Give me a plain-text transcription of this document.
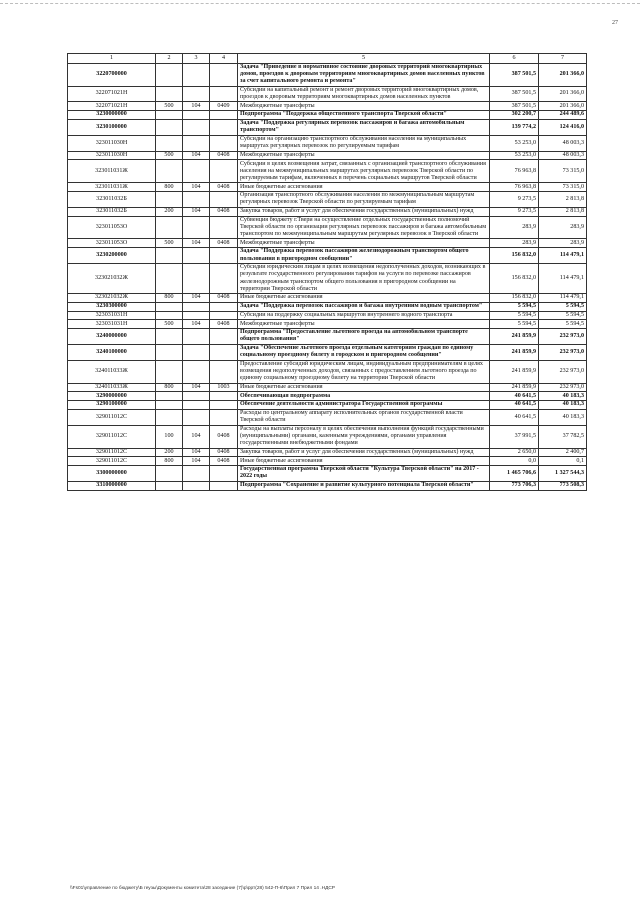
27
1	2	3	4	5	6	7
3220700000				Задача "Приведение в нормативное состояние дворовых территорий многоквартирных домов, проездов к дворовым территориям многоквартирных домов населенных пунктов за счет капитального ремонта и ремонта"	387 501,5	201 366,0
322071021Н				Субсидии на капитальный ремонт и ремонт дворовых территорий многоквартирных домов, проездов к дворовым территориям многоквартирных домов населенных пунктов	387 501,5	201 366,0
322071021Н	500	104	0409	Межбюджетные трансферты	387 501,5	201 366,0
3230000000				Подпрограмма "Поддержка общественного транспорта Тверской области"	302 200,7	244 489,6
3230100000				Задача "Поддержка регулярных перевозок пассажиров и багажа автомобильным транспортом"	139 774,2	124 416,0
323011030Н				Субсидии на организацию транспортного обслуживания населения на муниципальных маршрутах регулярных перевозок по регулируемым тарифам	53 253,0	48 003,3
323011030Н	500	104	0408	Межбюджетные трансферты	53 253,0	48 003,3
323011031Ж				Субсидии в целях возмещения затрат, связанных с организацией транспортного обслуживания населения на межмуниципальных маршрутах регулярных перевозок Тверской области по регулируемым тарифам, включенных в перечень социальных маршрутов Тверской области	76 963,8	73 315,0
323011031Ж	800	104	0408	Иные бюджетные ассигнования	76 963,8	73 315,0
323011032Б				Организация транспортного обслуживания населения по межмуниципальным маршрутам регулярных перевозок Тверской области по регулируемым тарифам	9 273,5	2 813,8
323011032Б	200	104	0408	Закупка товаров, работ и услуг для обеспечения государственных (муниципальных) нужд	9 273,5	2 813,8
323011053О				Субвенция бюджету г.Твери на осуществление отдельных государственных полномочий Тверской области по организации регулярных перевозок пассажиров и багажа автомобильным транспортом по межмуниципальным маршрутам регулярных перевозок в Тверской области	283,9	283,9
323011053О	500	104	0408	Межбюджетные трансферты	283,9	283,9
3230200000				Задача "Поддержка перевозок пассажиров железнодорожным транспортом общего пользования в пригородном сообщении"	156 832,0	114 479,1
323021032Ж				Субсидии юридическим лицам в целях возмещения недополученных доходов, возникающих в результате государственного регулирования тарифов на услуги по перевозке пассажиров железнодорожным транспортом общего пользования в пригородном сообщении на территории Тверской области	156 832,0	114 479,1
323021032Ж	800	104	0408	Иные бюджетные ассигнования	156 832,0	114 479,1
3230300000				Задача "Поддержка перевозок пассажиров и багажа внутренним водным транспортом"	5 594,5	5 594,5
323031031Н				Субсидии на поддержку социальных маршрутов внутреннего водного транспорта	5 594,5	5 594,5
323031031Н	500	104	0408	Межбюджетные трансферты	5 594,5	5 594,5
3240000000				Подпрограмма "Предоставление льготного проезда на автомобильном транспорте общего пользования"	241 859,9	232 973,0
3240100000				Задача "Обеспечение льготного проезда отдельным категориям граждан по единому социальному проездному билету в городском и пригородном сообщении"	241 859,9	232 973,0
324011033Ж				Предоставление субсидий юридическим лицам, индивидуальным предпринимателям в целях возмещения недополученных доходов, связанных с предоставлением льготного проезда по единому социальному проездному билету на территории Тверской области	241 859,9	232 973,0
324011033Ж	800	104	1003	Иные бюджетные ассигнования	241 859,9	232 973,0
3290000000				Обеспечивающая подпрограмма	40 641,5	40 183,3
3290100000				Обеспечение деятельности администратора Государственной программы	40 641,5	40 183,3
329011012С				Расходы по центральному аппарату исполнительных органов государственной власти Тверской области	40 641,5	40 183,3
329011012С	100	104	0408	Расходы на выплаты персоналу в целях обеспечения выполнения функций государственными (муниципальными) органами, казенными учреждениями, органами управления государственными внебюджетными фондами	37 991,5	37 782,5
329011012С	200	104	0408	Закупка товаров, работ и услуг для обеспечения государственных (муниципальных) нужд	2 650,0	2 400,7
329011012С	800	104	0408	Иные бюджетные ассигнования	0,0	0,1
3300000000				Государственная программа Тверской области "Культура Тверской области" на 2017 - 2022 годы	1 465 706,6	1 327 544,3
3310000000				Подпрограмма "Сохранение и развитие культурного потенциала Тверской области"	773 706,3	773 508,3
\\Fs01\управление по бюджету\Б геузы\Документы комитета\28 заседание (7)\р\ррт(28) 542-П-6\Прил 7 Прил 14 .НДСР
